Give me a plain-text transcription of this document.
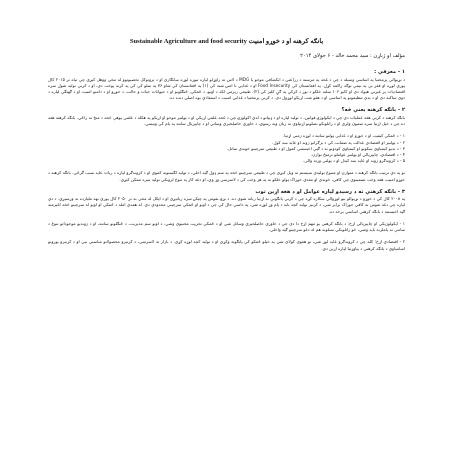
بانګه کرهنه او د خوړو امنیت Sustainable Agriculture and food security
مؤلف او ژباړن : سید محمد خالد - ۶ جولای ۲۰۱۴
۱ - معرفي :

د نړیوالې پرمختیا په اساسي وسیله د چې د غحه په مرسته د زراعتي د انکشافي موخو یا MDG د لاس ته راوړلو لپاره تیوره لوړه ښانګاري او د تروتوکل تخصیوتوو له مخې ووهل کیږي چې تیاه تر ۲۰۱۵ کال پورې لوږه او فقر یې په نیمې توګه راکمه کړل. په افغانستان کې Food Insecurity او د غذایي نا امنۍ شته کې (۱) په افغانستان کې شاو ۷۶ په سلو کې کې په کرنه پوخت دي، او د کرنې تولید شول سره اقتصادیات پر غیرني هیواد دی او کابو ۱۰۲ سلنه خلکو د نور د کرکي په ګڼ کلیز کې (۲). طبیعي زیرمي لکه د اوبو، د ځمکې، ځنګلونو او د حیوانات حیات و حالت، د خوږو او د دامنو امنیت او د ګهنګي لپاره د دوی ساکنه دی او د بدې تنظیمونو په اساسی او د هغو شت اړیکو لوړول دی. د کرنې پرمختیا د غذایي امنیت د استفادې یوه اصلي دنده ده.

۲ - بانګه کرهنه یعني څه؟

بانګه کرهنه د کرنې هغه عملیات دي چې د ایکولوژۍ قوانین، د تولید لپاره او د ډیپاتو د لدي اکولوژۍ چې د غحه علمي اړیکې او د ټولنیز موخو او اړیکو په هکله د علمي پوهې څخه د منځ ته راځي. بانګه کرهنه هغه ده چې د خپل اړتیا سره سمون ولري او د راتلونکو نسلونو اړتیاوې ته زیان ونه رسوي، د خاورې حاصلخیزي وساتي او د چاپیریال ساتنه په پام کې ونیسي.

۱ - د ځمکې کیفیت او د خوړو او د غذایی ټولنو ساتنه د لوړه ژمنې اړتیا.
۲ - د ټولنیز او اقتصادي عدالت په ضمانت کې د بزګرانو ژوند او عاید ښه کول.
۳ - د بدیو کیمیاوي ښکونو او کیمیاوي کودونو نه د ګټې اخیستنې کمول او د طبیعي سرچینو خوندي ساتل.
۴ - د اقتصادي، چاپیریالي او ټولنیز عواملو ترمنځ توازن.
۵ - د کروندګرو ژوند او عاید ښه کیدل او د ټولنې ورته والی.

نو په دې ترتیب بانګه کرهنه د متوازن او متنوع تولیدي سیستم ته ویل کیږي چې د طبیعي سرچینو څخه په سم ډول ګټه اخلي، د تولید لګښتونه کموي او د کروندګرو لپاره د زیات عاید سبب ګرځي. بانګه کرهنه د خوړو امنیت هغه وخت تضمینوي چې کافي، خوندي او مغذي خوراک ټولو خلکو ته په هر وخت کې د لاسرسي وړ وي، او دغه کار په تنوع لرونکي تولید سره ممکن کیږي.

۳ - بانګه کرهنې ته د رسیدو لپاره عوامل او د هغه اړین توب

په ۲۰۰۸ کال کې د خوړو د نړیوالو بیو لوړوالي ښکاره کړه چې د کرنې پانګونې ته اړتیا زیاته شوې ده. د نړۍ نفوس په چټکۍ سره زیاتیږي او د اټکل له مخې به تر ۲۰۵۰ کال پورې نهه ملیارده ته ورسیږي. د دې لپاره چې دغه نفوس ته کافي خوراک برابر شي، د کرنیز تولید کچه باید د پام وړ لوړه شي، په داسې حال کې چې د اوبو او ځمکې سرچینې محدودې دي. له همدې امله د ځمکې او اوبو له سرچینو څخه اغیزمنه ګټه اخیستنه د بانګه کرهنې اساسي برخه ده.

۱ - ایکولوژیکي او چاپیریالي اړخ: د بانګه کرهنې یو مهم اړخ دا دی چې د خاورې حاصلخیزي وساتل شي او د ځمکې تخریب مخنیوی وشي. د اوبو سم مدیریت، د ځنګلونو ساتنه، او د ژوندیو موجوداتو تنوع د ساتنې ته پاملرنه باید وشي، څو راتلونکي نسلونه هم له دغو سرچینو ګټه واخلي.

۲ - اقتصادي اړخ: کله چې د کروندګرو عاید لوړ شي، نو هغوی کولای شي په خپلو ځمکو کې پانګونه وکړي او د تولید کچه لوړه کړي. د بازار ته لاسرسی، د کرنیزو محصولاتو مناسبې بیې او د کرنیزو پورونو اسانتیاوې د بانګه کرهنې د پیاوړتیا لپاره اړین دي.
